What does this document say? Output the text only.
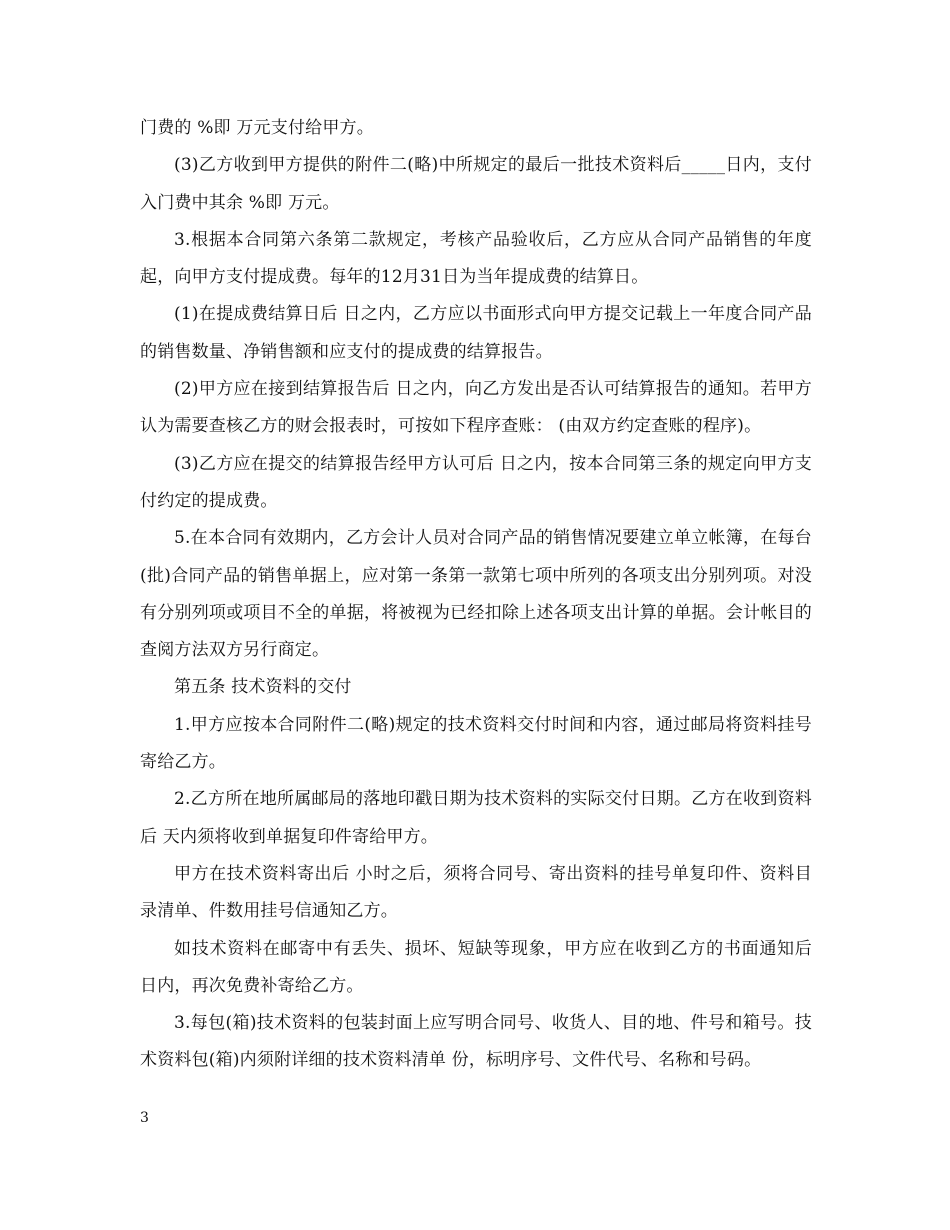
门费的 %即 万元支付给甲方。

(3)乙方收到甲方提供的附件二(略)中所规定的最后一批技术资料后_____日内，支付入门费中其余 %即 万元。

3.根据本合同第六条第二款规定，考核产品验收后，乙方应从合同产品销售的年度起，向甲方支付提成费。每年的12月31日为当年提成费的结算日。

(1)在提成费结算日后 日之内，乙方应以书面形式向甲方提交记载上一年度合同产品的销售数量、净销售额和应支付的提成费的结算报告。

(2)甲方应在接到结算报告后 日之内，向乙方发出是否认可结算报告的通知。若甲方认为需要查核乙方的财会报表时，可按如下程序查账： (由双方约定查账的程序)。

(3)乙方应在提交的结算报告经甲方认可后 日之内，按本合同第三条的规定向甲方支付约定的提成费。

5.在本合同有效期内，乙方会计人员对合同产品的销售情况要建立单立帐簿，在每台(批)合同产品的销售单据上，应对第一条第一款第七项中所列的各项支出分别列项。对没有分别列项或项目不全的单据，将被视为已经扣除上述各项支出计算的单据。会计帐目的查阅方法双方另行商定。

第五条 技术资料的交付

1.甲方应按本合同附件二(略)规定的技术资料交付时间和内容，通过邮局将资料挂号寄给乙方。

2.乙方所在地所属邮局的落地印戳日期为技术资料的实际交付日期。乙方在收到资料后 天内须将收到单据复印件寄给甲方。

甲方在技术资料寄出后 小时之后，须将合同号、寄出资料的挂号单复印件、资料目录清单、件数用挂号信通知乙方。

如技术资料在邮寄中有丢失、损坏、短缺等现象，甲方应在收到乙方的书面通知后 日内，再次免费补寄给乙方。

3.每包(箱)技术资料的包装封面上应写明合同号、收货人、目的地、件号和箱号。技术资料包(箱)内须附详细的技术资料清单 份，标明序号、文件代号、名称和号码。

3
